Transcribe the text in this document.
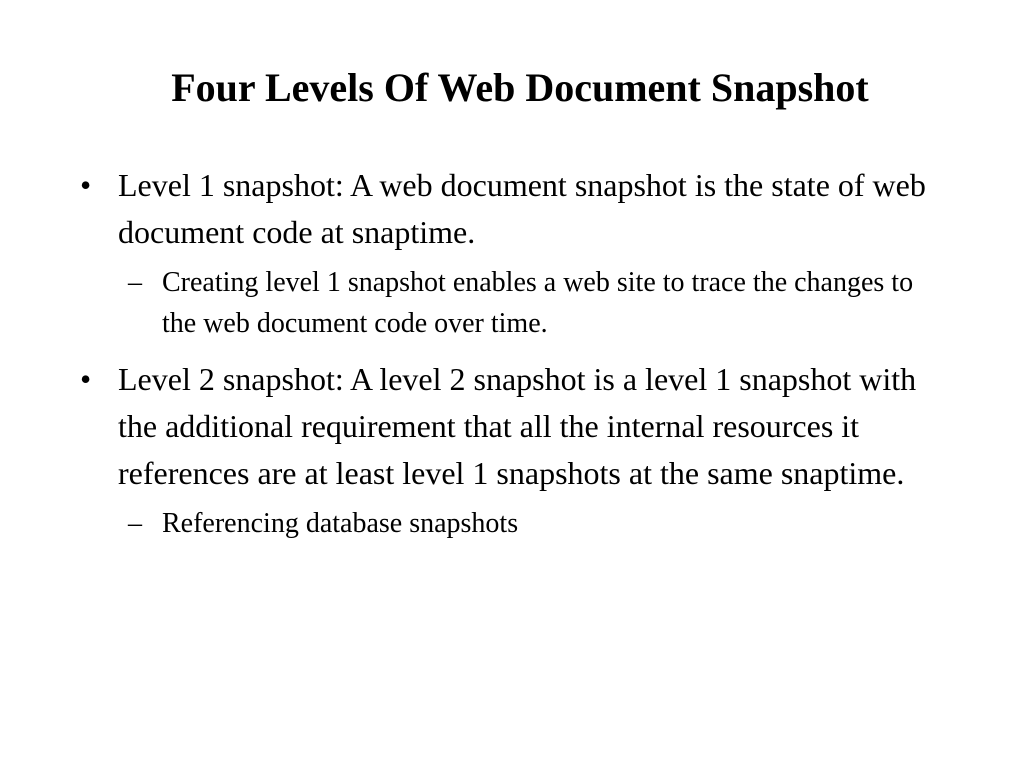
Four Levels Of Web Document Snapshot
• Level 1 snapshot: A web document snapshot is the state of web document code at snaptime.
– Creating level 1 snapshot enables a web site to trace the changes to the web document code over time.
• Level 2 snapshot: A level 2 snapshot is a level 1 snapshot with the additional requirement that all the internal resources it references are at least level 1 snapshots at the same snaptime.
– Referencing database snapshots
